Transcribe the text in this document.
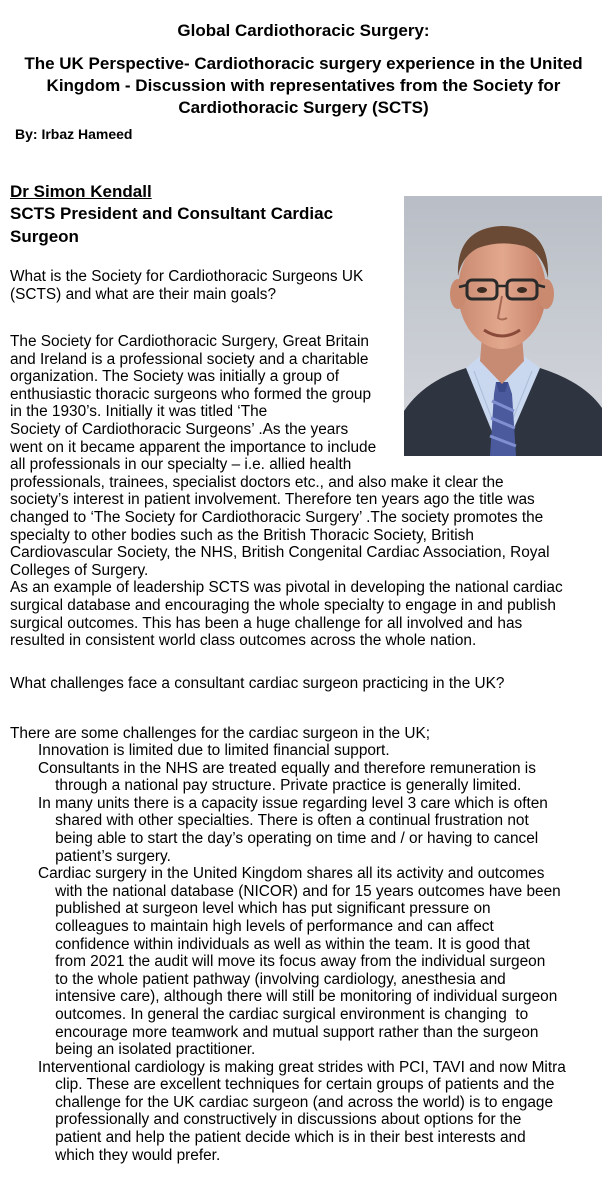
Global Cardiothoracic Surgery:
The UK Perspective- Cardiothoracic surgery experience in the United Kingdom - Discussion with representatives from the Society for Cardiothoracic Surgery (SCTS)
By: Irbaz Hameed
Dr Simon Kendall
SCTS President and Consultant Cardiac Surgeon

What is the Society for Cardiothoracic Surgeons UK

(SCTS) and what are their main goals?

The Society for Cardiothoracic Surgery, Great Britain

and Ireland is a professional society and a charitable

organization. The Society was initially a group of

enthusiastic thoracic surgeons who formed the group

in the 1930’s. Initially it was titled ‘The

Society of Cardiothoracic Surgeons’ .As the years

went on it became apparent the importance to include

all professionals in our specialty – i.e. allied health

professionals, trainees, specialist doctors etc., and also make it clear the

society’s interest in patient involvement. Therefore ten years ago the title was

changed to ‘The Society for Cardiothoracic Surgery’ .The society promotes the

specialty to other bodies such as the British Thoracic Society, British

Cardiovascular Society, the NHS, British Congenital Cardiac Association, Royal

Colleges of Surgery.

As an example of leadership SCTS was pivotal in developing the national cardiac

surgical database and encouraging the whole specialty to engage in and publish

surgical outcomes. This has been a huge challenge for all involved and has

resulted in consistent world class outcomes across the whole nation.

What challenges face a consultant cardiac surgeon practicing in the UK?
There are some challenges for the cardiac surgeon in the UK;

Innovation is limited due to limited financial support.

Consultants in the NHS are treated equally and therefore remuneration is

through a national pay structure. Private practice is generally limited.

In many units there is a capacity issue regarding level 3 care which is often

shared with other specialties. There is often a continual frustration not

being able to start the day’s operating on time and / or having to cancel

patient’s surgery.

Cardiac surgery in the United Kingdom shares all its activity and outcomes

with the national database (NICOR) and for 15 years outcomes have been

published at surgeon level which has put significant pressure on

colleagues to maintain high levels of performance and can affect

confidence within individuals as well as within the team. It is good that

from 2021 the audit will move its focus away from the individual surgeon

to the whole patient pathway (involving cardiology, anesthesia and

intensive care), although there will still be monitoring of individual surgeon

outcomes. In general the cardiac surgical environment is changing  to

encourage more teamwork and mutual support rather than the surgeon

being an isolated practitioner.

Interventional cardiology is making great strides with PCI, TAVI and now Mitra

clip. These are excellent techniques for certain groups of patients and the

challenge for the UK cardiac surgeon (and across the world) is to engage

professionally and constructively in discussions about options for the

patient and help the patient decide which is in their best interests and

which they would prefer.
